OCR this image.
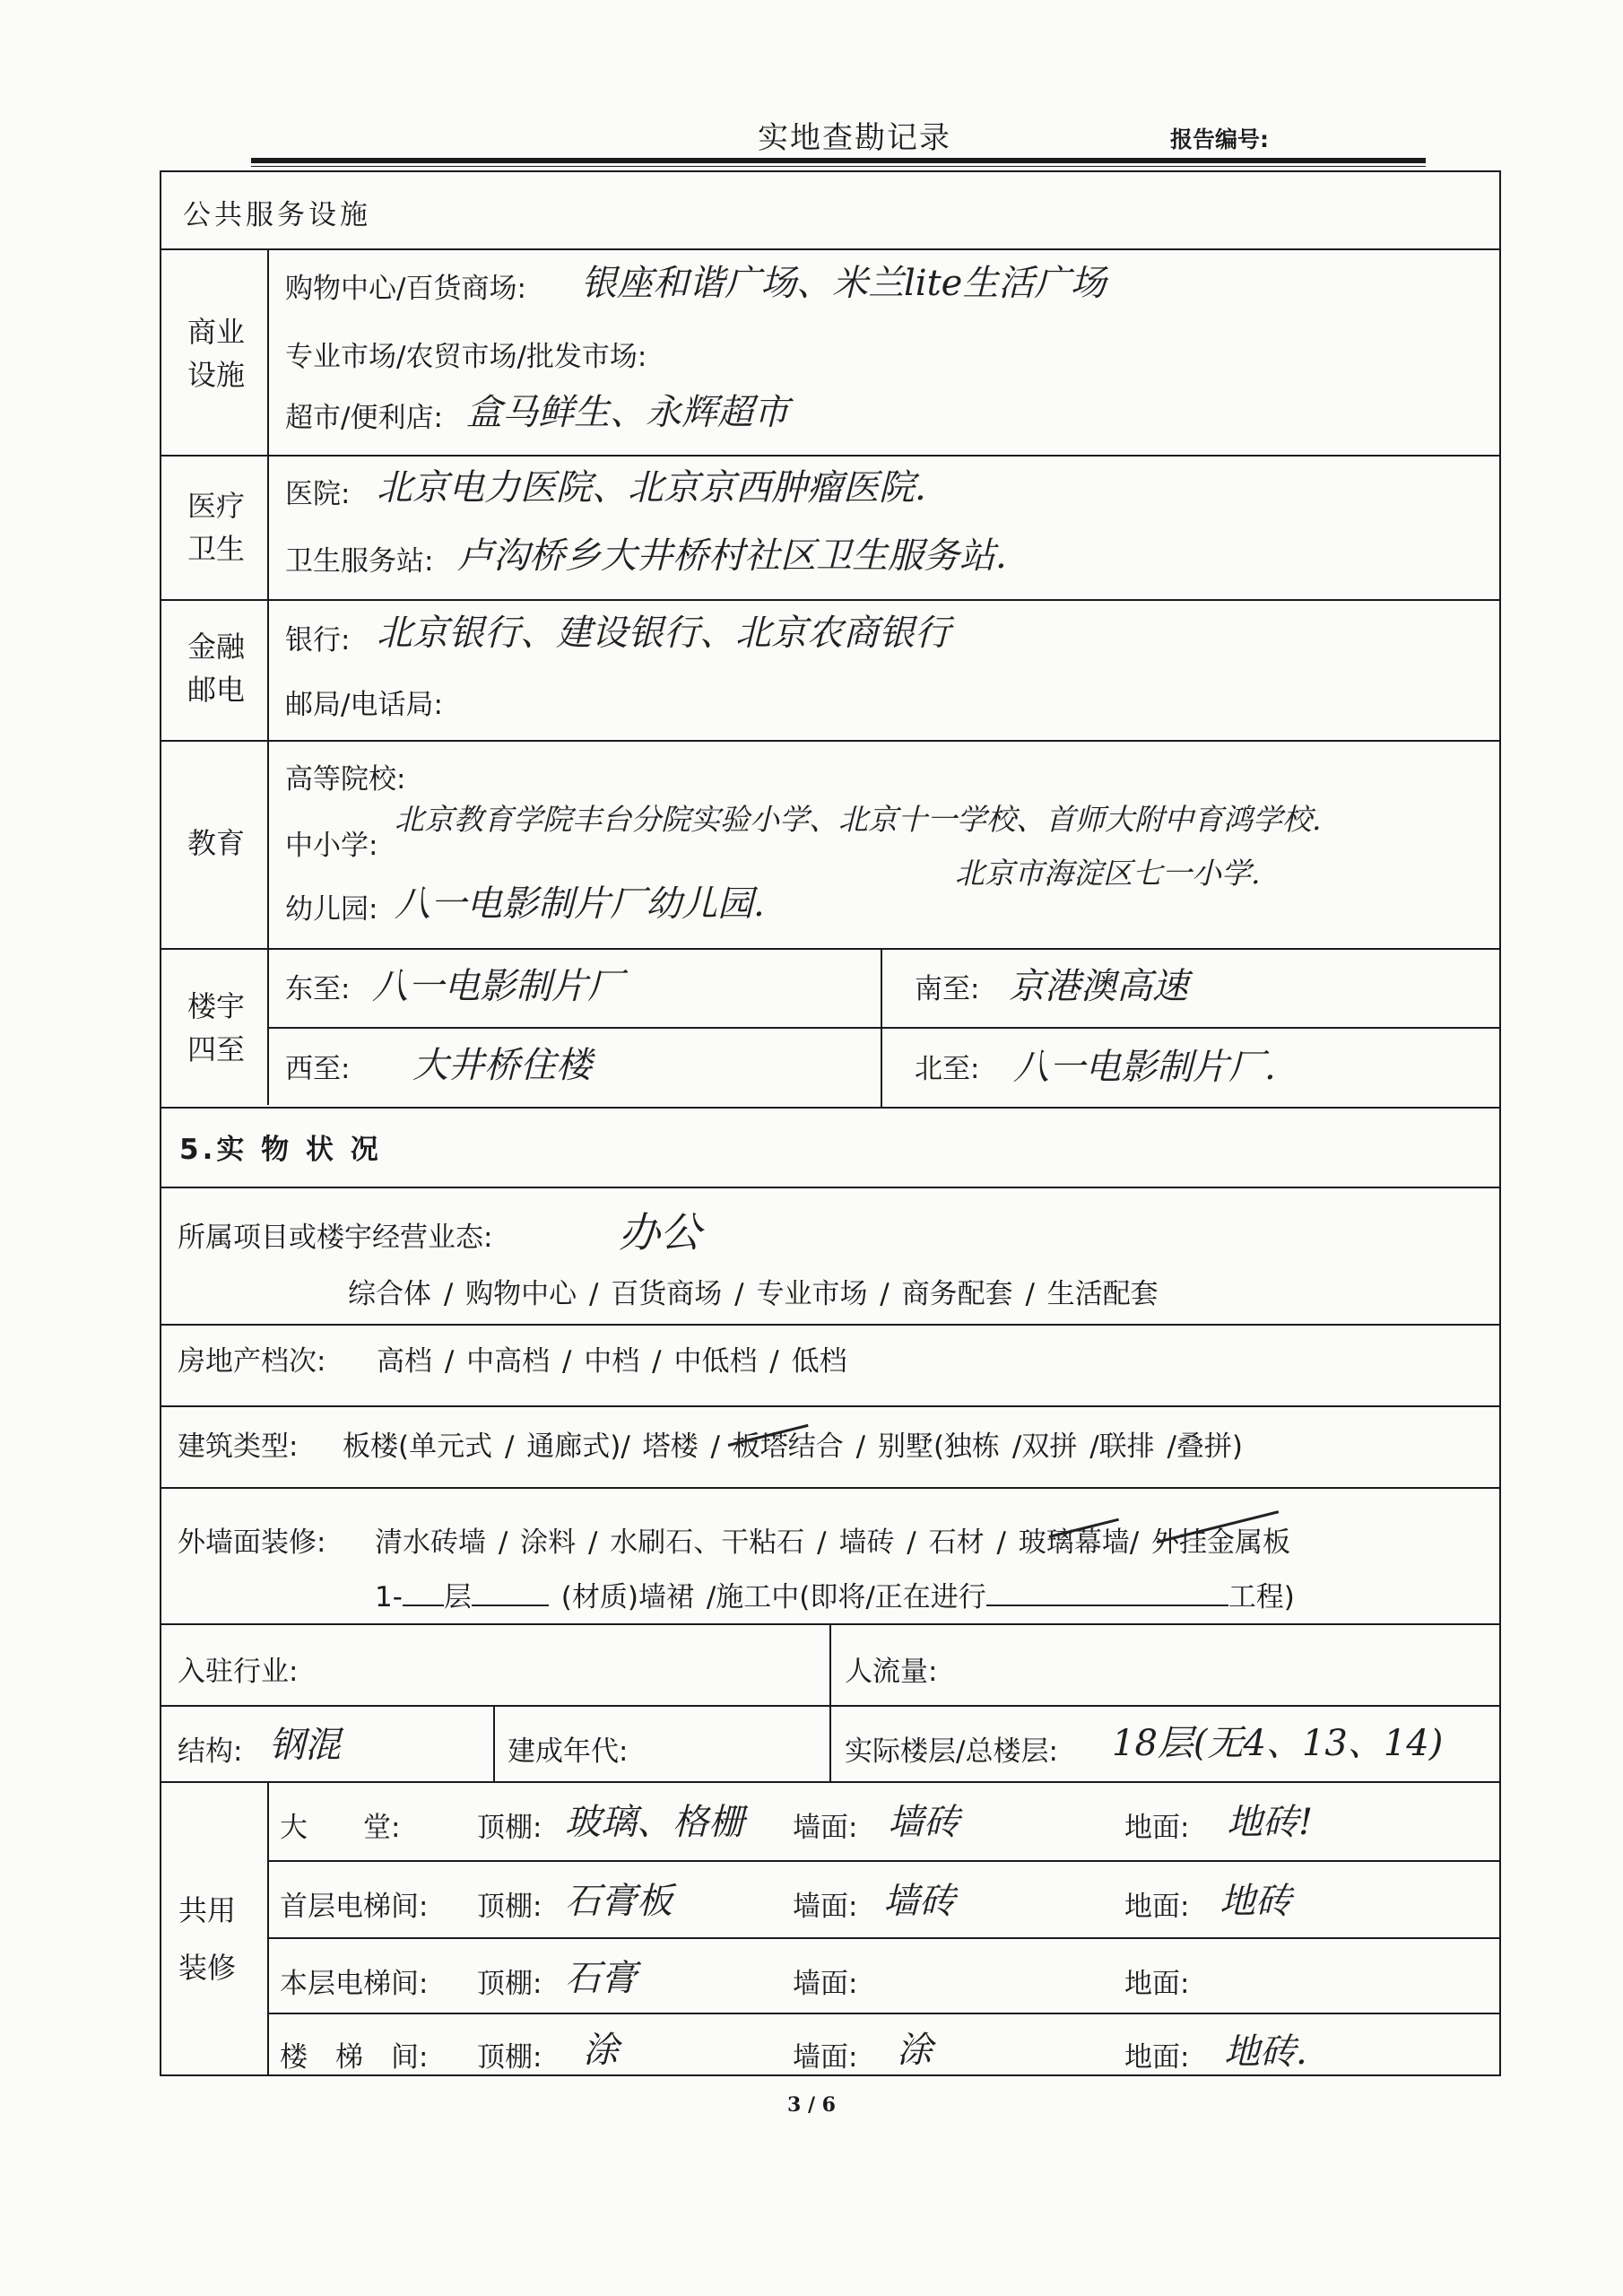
实地查勘记录	报告编号:
公共服务设施
商业设施
购物中心/百货商场: 银座和谐广场、米兰lite生活广场
专业市场/农贸市场/批发市场:
超市/便利店: 盒马鲜生、永辉超市
医疗卫生
医院: 北京电力医院、北京京西肿瘤医院.
卫生服务站: 卢沟桥乡大井桥村社区卫生服务站.
金融邮电
银行: 北京银行、建设银行、北京农商银行
邮局/电话局:
教育
高等院校:
中小学:
北京教育学院丰台分院实验小学、北京十一学校、首师大附中育鸿学校.
北京市海淀区七一小学.
幼儿园: 八一电影制片厂幼儿园.
楼宇四至
东至: 八一电影制片厂	南至: 京港澳高速
西至: 大井桥住楼	北至: 八一电影制片厂.
5.实 物 状 况
所属项目或楼宇经营业态:	办公
综合体 / 购物中心 / 百货商场 / 专业市场 / 商务配套 / 生活配套
房地产档次: 高档 / 中高档 / 中档 / 中低档 / 低档
建筑类型: 板楼(单元式 / 通廊式)/ 塔楼 / 板塔结合 / 别墅(独栋 /双拼 /联排 /叠拼)
外墙面装修: 清水砖墙 / 涂料 / 水刷石、干粘石 / 墙砖 / 石材 / 玻璃幕墙/ 外挂金属板
1- 层	(材质)墙裙 /施工中(即将/正在进行	工程)
入驻行业:	人流量:
结构: 钢混	建成年代:	实际楼层/总楼层: 18层(无4、13、14)
共用装修
大　　堂:	顶棚: 玻璃、格栅 墙面: 墙砖	地面: 地砖!
首层电梯间: 顶棚: 石膏板	墙面: 墙砖	地面: 地砖
本层电梯间: 顶棚: 石膏	墙面:	地面:
楼　梯　间: 顶棚: 涂	墙面: 涂	地面: 地砖.
3 / 6
